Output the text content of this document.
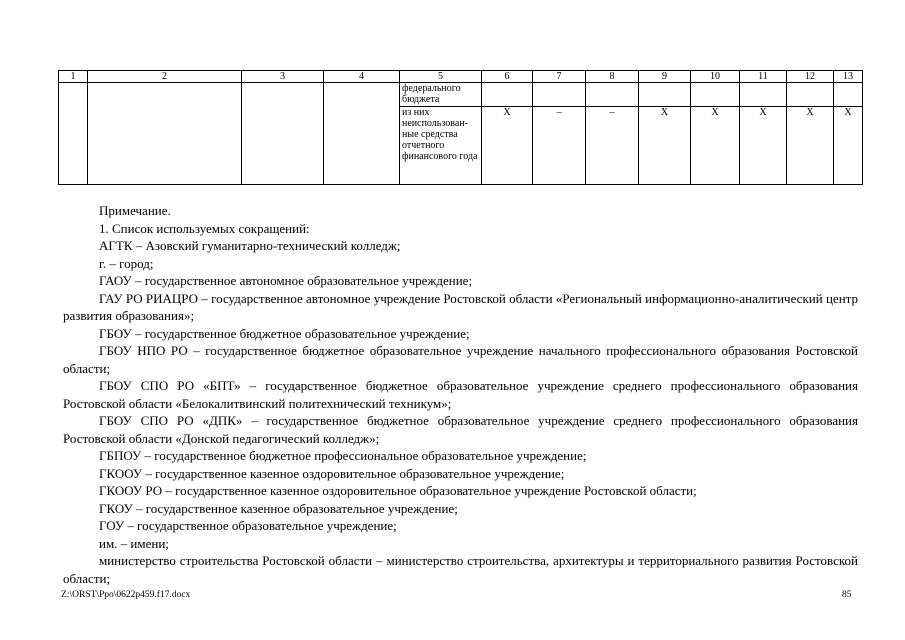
1	2	3	4	5	6	7	8	9	10	11	12	13
				федерального бюджета								
				из них неиспользован-ные средства отчетного финансового года	Х	–	–	Х	Х	Х	Х	Х

Примечание.

1. Список используемых сокращений:

АГТК – Азовский гуманитарно-технический колледж;

г. – город;

ГАОУ – государственное автономное образовательное учреждение;

ГАУ РО РИАЦРО – государственное автономное учреждение Ростовской области «Региональный информационно-аналитический центр развития образования»;

ГБОУ – государственное бюджетное образовательное учреждение;

ГБОУ НПО РО – государственное бюджетное образовательное учреждение начального профессионального образования Ростовской области;

ГБОУ СПО РО «БПТ» – государственное бюджетное образовательное учреждение среднего профессионального образования Ростовской области «Белокалитвинский политехнический техникум»;

ГБОУ СПО РО «ДПК» – государственное бюджетное образовательное учреждение среднего профессионального образования Ростовской области «Донской педагогический колледж»;

ГБПОУ – государственное бюджетное профессиональное образовательное учреждение;

ГКООУ – государственное казенное оздоровительное образовательное учреждение;

ГКООУ РО – государственное казенное оздоровительное образовательное учреждение Ростовской области;

ГКОУ – государственное казенное образовательное учреждение;

ГОУ – государственное образовательное учреждение;

им. – имени;

министерство строительства Ростовской области – министерство строительства, архитектуры и территориального развития Ростовской области;

Z:\ORST\Ppo\0622p459.f17.docx	85
